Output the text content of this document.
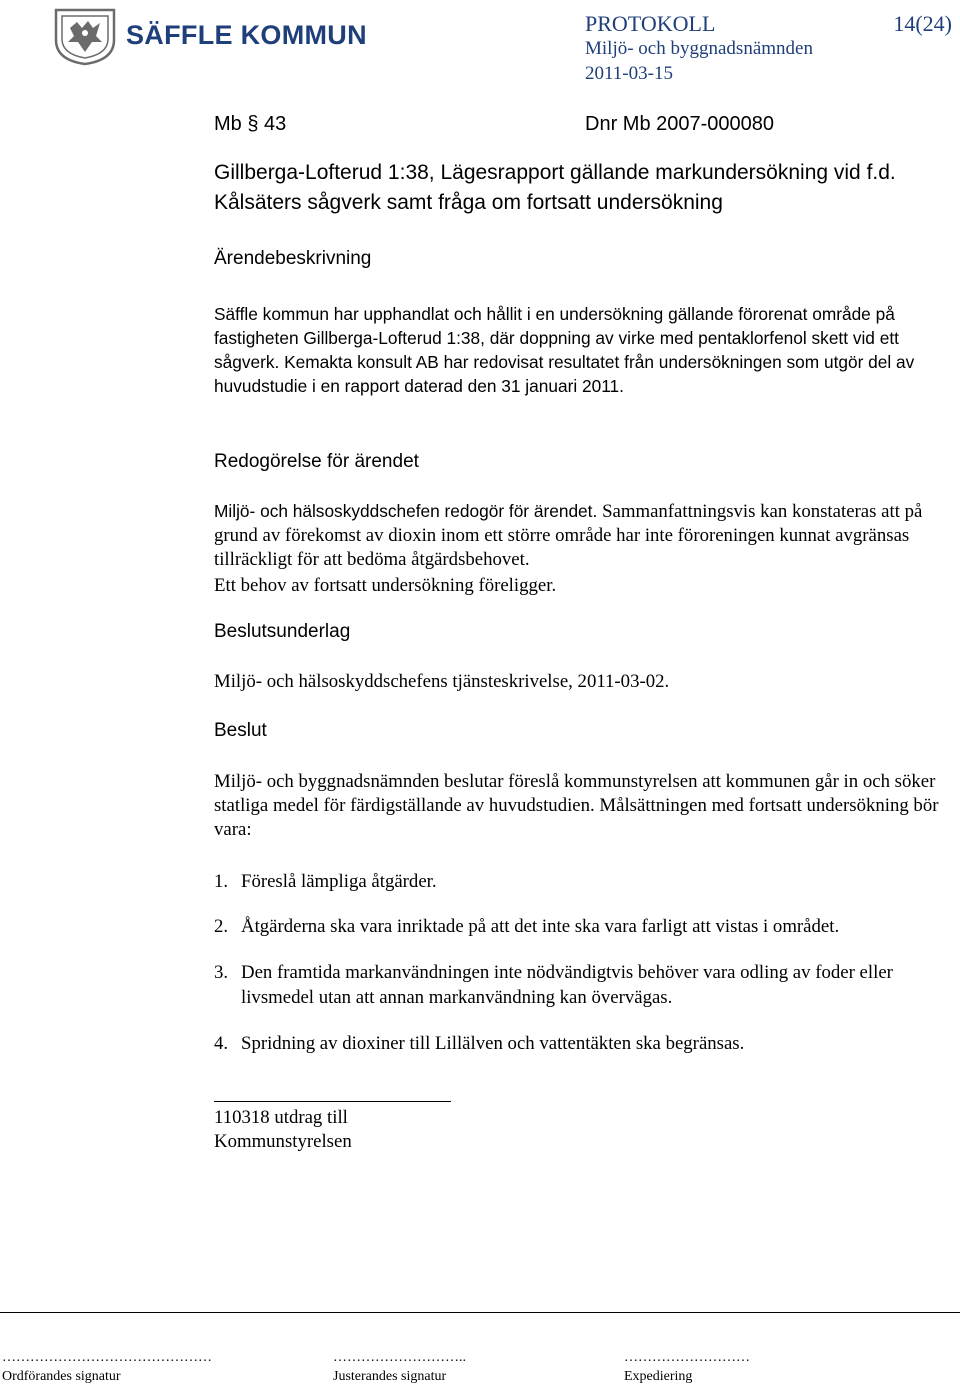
SÄFFLE KOMMUN	PROTOKOLL	14(24)
Miljö- och byggnadsnämnden
2011-03-15
Mb § 43	Dnr Mb 2007-000080
Gillberga-Lofterud 1:38, Lägesrapport gällande markundersökning vid f.d. Kålsäters sågverk samt fråga om fortsatt undersökning
Ärendebeskrivning
Säffle kommun har upphandlat och hållit i en undersökning gällande förorenat område på fastigheten Gillberga-Lofterud 1:38, där doppning av virke med pentaklorfenol skett vid ett sågverk. Kemakta konsult AB har redovisat resultatet från undersökningen som utgör del av huvudstudie i en rapport daterad den 31 januari 2011.
Redogörelse för ärendet
Miljö- och hälsoskyddschefen redogör för ärendet. Sammanfattningsvis kan konstateras att på grund av förekomst av dioxin inom ett större område har inte föroreningen kunnat avgränsas tillräckligt för att bedöma åtgärdsbehovet.
Ett behov av fortsatt undersökning föreligger.
Beslutsunderlag
Miljö- och hälsoskyddschefens tjänsteskrivelse, 2011-03-02.
Beslut
Miljö- och byggnadsnämnden beslutar föreslå kommunstyrelsen att kommunen går in och söker statliga medel för färdigställande av huvudstudien. Målsättningen med fortsatt undersökning bör vara:
1. Föreslå lämpliga åtgärder.
2. Åtgärderna ska vara inriktade på att det inte ska vara farligt att vistas i området.
3. Den framtida markanvändningen inte nödvändigtvis behöver vara odling av foder eller livsmedel utan att annan markanvändning kan övervägas.
4. Spridning av dioxiner till Lillälven och vattentäkten ska begränsas.
110318 utdrag till
Kommunstyrelsen
………………………………………	………………………..	………………………
Ordförandes signatur	Justerandes signatur	Expediering
